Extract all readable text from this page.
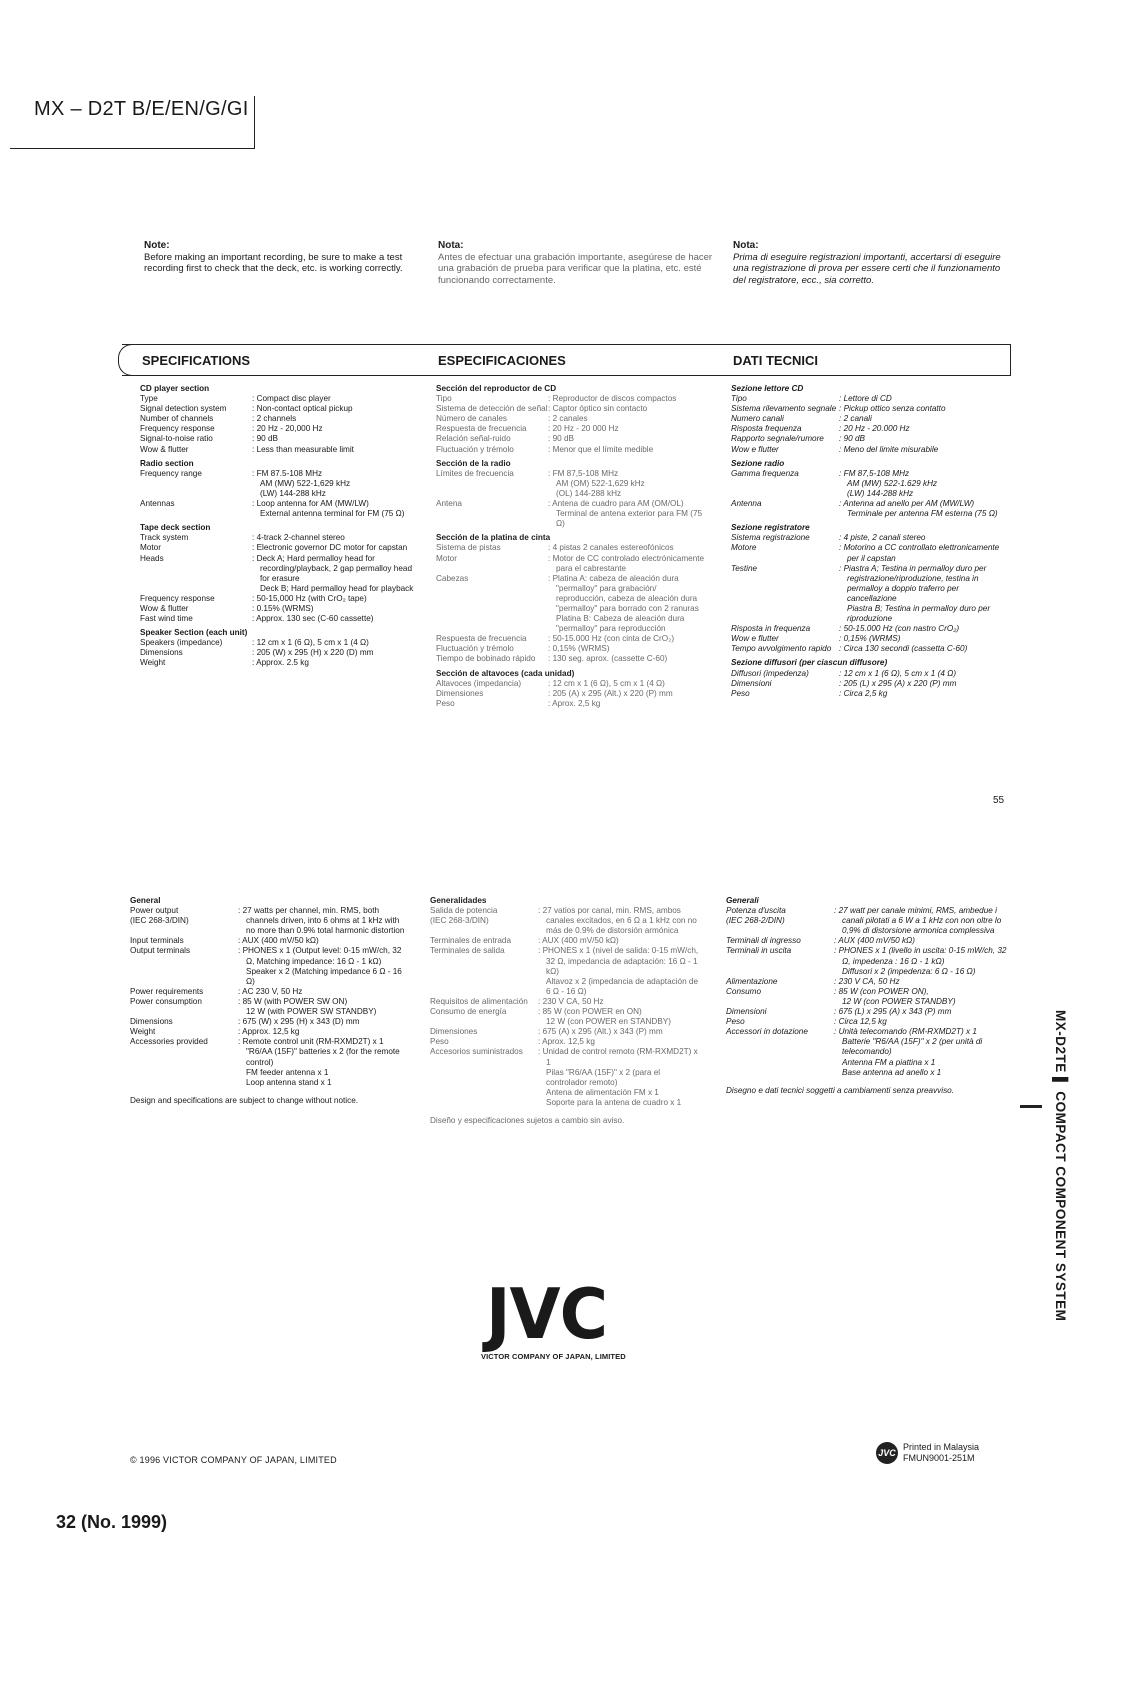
MX – D2T B/E/EN/G/GI
Note:
Before making an important recording, be sure to make a test recording first to check that the deck, etc. is working correctly.
Nota:
Antes de efectuar una grabación importante, asegúrese de hacer una grabación de prueba para verificar que la platina, etc. esté funcionando correctamente.
Nota:
Prima di eseguire registrazioni importanti, accertarsi di eseguire una registrazione di prova per essere certi che il funzionamento del registratore, ecc., sia corretto.
SPECIFICATIONS	ESPECIFICACIONES	DATI TECNICI
CD player section
Type	: Compact disc player
Signal detection system	: Non-contact optical pickup
Number of channels	: 2 channels
Frequency response	: 20 Hz - 20,000 Hz
Signal-to-noise ratio	: 90 dB
Wow & flutter	: Less than measurable limit
Radio section
Frequency range	: FM 87.5-108 MHz
AM (MW) 522-1,629 kHz
(LW) 144-288 kHz
Antennas	: Loop antenna for AM (MW/LW)
External antenna terminal for FM (75 Ω)
Tape deck section
Track system	: 4-track 2-channel stereo
Motor	: Electronic governor DC motor for capstan
Heads	: Deck A; Hard permalloy head for recording/playback, 2 gap permalloy head for erasure
Deck B; Hard permalloy head for playback
Frequency response	: 50-15,000 Hz (with CrO₂ tape)
Wow & flutter	: 0.15% (WRMS)
Fast wind time	: Approx. 130 sec (C-60 cassette)
Speaker Section (each unit)
Speakers (impedance)	: 12 cm x 1 (6 Ω), 5 cm x 1 (4 Ω)
Dimensions	: 205 (W) x 295 (H) x 220 (D) mm
Weight	: Approx. 2.5 kg
Sección del reproductor de CD
Tipo	: Reproductor de discos compactos
Sistema de detección de señal : Captor óptico sin contacto
Número de canales	: 2 canales
Respuesta de frecuencia	: 20 Hz - 20 000 Hz
Relación señal-ruido	: 90 dB
Fluctuación y trémolo	: Menor que el límite medible
Sección de la radio
Límites de frecuencia	: FM 87,5-108 MHz
AM (OM) 522-1,629 kHz
(OL) 144-288 kHz
Antena	: Antena de cuadro para AM (OM/OL)
Terminal de antena exterior para FM (75 Ω)
Sección de la platina de cinta
Sistema de pistas	: 4 pistas 2 canales estereofónicos
Motor	: Motor de CC controlado electrónicamente para el cabrestante
Cabezas	: Platina A: cabeza de aleación dura "permalloy" para grabación/ reproducción, cabeza de aleación dura "permalloy" para borrado con 2 ranuras
Platina B: Cabeza de aleación dura "permalloy" para reproducción
Respuesta de frecuencia	: 50-15.000 Hz (con cinta de CrO₂)
Fluctuación y trémolo	: 0,15% (WRMS)
Tiempo de bobinado rápido	: 130 seg. aprox. (cassette C-60)
Sección de altavoces (cada unidad)
Altavoces (impedancia)	: 12 cm x 1 (6 Ω), 5 cm x 1 (4 Ω)
Dimensiones	: 205 (A) x 295 (Alt.) x 220 (P) mm
Peso	: Aprox. 2,5 kg
Sezione lettore CD
Tipo	: Lettore di CD
Sistema rilevamento segnale : Pickup ottico senza contatto
Numero canali	: 2 canali
Risposta frequenza	: 20 Hz - 20.000 Hz
Rapporto segnale/rumore	: 90 dB
Wow e flutter	: Meno del limite misurabile
Sezione radio
Gamma frequenza	: FM 87,5-108 MHz
AM (MW) 522-1.629 kHz
(LW) 144-288 kHz
Antenna	: Antenna ad anello per AM (MW/LW)
Terminale per antenna FM esterna (75 Ω)
Sezione registratore
Sistema registrazione	: 4 piste, 2 canali stereo
Motore	: Motorino a CC controllato elettronicamente per il capstan
Testine	: Piastra A; Testina in permalloy duro per registrazione/riproduzione, testina in permalloy a doppio traferro per cancellazione
Piastra B; Testina in permalloy duro per riproduzione
Risposta in frequenza	: 50-15.000 Hz (con nastro CrO₂)
Wow e flutter	: 0,15% (WRMS)
Tempo avvolgimento rapido	: Circa 130 secondi (cassetta C-60)
Sezione diffusori (per ciascun diffusore)
Diffusori (impedenza)	: 12 cm x 1 (6 Ω), 5 cm x 1 (4 Ω)
Dimensioni	: 205 (L) x 295 (A) x 220 (P) mm
Peso	: Circa 2,5 kg
55
General
Power output
(IEC 268-3/DIN)
: 27 watts per channel, min. RMS, both channels driven, into 6 ohms at 1 kHz with no more than 0.9% total harmonic distortion
Input terminals	: AUX (400 mV/50 kΩ)
Output terminals	: PHONES x 1 (Output level: 0-15 mW/ch, 32 Ω, Matching impedance: 16 Ω - 1 kΩ)
Speaker x 2 (Matching impedance 6 Ω - 16 Ω)
Power requirements	: AC 230 V, 50 Hz
Power consumption	: 85 W (with POWER SW ON)
12 W (with POWER SW STANDBY)
Dimensions	: 675 (W) x 295 (H) x 343 (D) mm
Weight	: Approx. 12,5 kg
Accessories provided	: Remote control unit (RM-RXMD2T) x 1
"R6/AA (15F)" batteries x 2 (for the remote control)
FM feeder antenna x 1
Loop antenna stand x 1
Design and specifications are subject to change without notice.
Generalidades
Salida de potencia
(IEC 268-3/DIN)
: 27 vatios por canal, min. RMS, ambos canales excitados, en 6 Ω a 1 kHz con no más de 0.9% de distorsión armónica
Terminales de entrada	: AUX (400 mV/50 kΩ)
Terminales de salida	: PHONES x 1 (nivel de salida: 0-15 mW/ch, 32 Ω, impedancia de adaptación: 16 Ω - 1 kΩ)
Altavoz x 2 (impedancia de adaptación de 6 Ω - 16 Ω)
Requisitos de alimentación	: 230 V CA, 50 Hz
Consumo de energía	: 85 W (con POWER en ON)
12 W (con POWER en STANDBY)
Dimensiones	: 675 (A) x 295 (Alt.) x 343 (P) mm
Peso	: Aprox. 12,5 kg
Accesorios suministrados	: Unidad de control remoto (RM-RXMD2T) x 1
Pilas "R6/AA (15F)" x 2 (para el controlador remoto)
Antena de alimentación FM x 1
Soporte para la antena de cuadro x 1
Diseño y especificaciones sujetos a cambio sin aviso.
Generali
Potenza d'uscita
(IEC 268-2/DIN)
: 27 watt per canale minimi, RMS, ambedue i canali pilotati a 6 W a 1 kHz con non oltre lo 0,9% di distorsione armonica complessiva
Terminali di ingresso	: AUX (400 mV/50 kΩ)
Terminali in uscita	: PHONES x 1 (livello in uscita: 0-15 mW/ch, 32 Ω, impedenza : 16 Ω - 1 kΩ)
Diffusori x 2 (impedenza: 6 Ω - 16 Ω)
Alimentazione	: 230 V CA, 50 Hz
Consumo	: 85 W (con POWER ON),
12 W (con POWER STANDBY)
Dimensioni	: 675 (L) x 295 (A) x 343 (P) mm
Peso	: Circa 12,5 kg
Accessori in dotazione	: Unità telecomando (RM-RXMD2T) x 1
Batterie "R6/AA (15F)" x 2 (per unità di telecomando)
Antenna FM a piattina x 1
Base antenna ad anello x 1
Disegno e dati tecnici soggetti a cambiamenti senza preavviso.	MX-D2TE ▌ COMPACT COMPONENT SYSTEM
JVC
VICTOR COMPANY OF JAPAN, LIMITED
© 1996 VICTOR COMPANY OF JAPAN, LIMITED
JVC
Printed in Malaysia
FMUN9001-251M
32 (No. 1999)
